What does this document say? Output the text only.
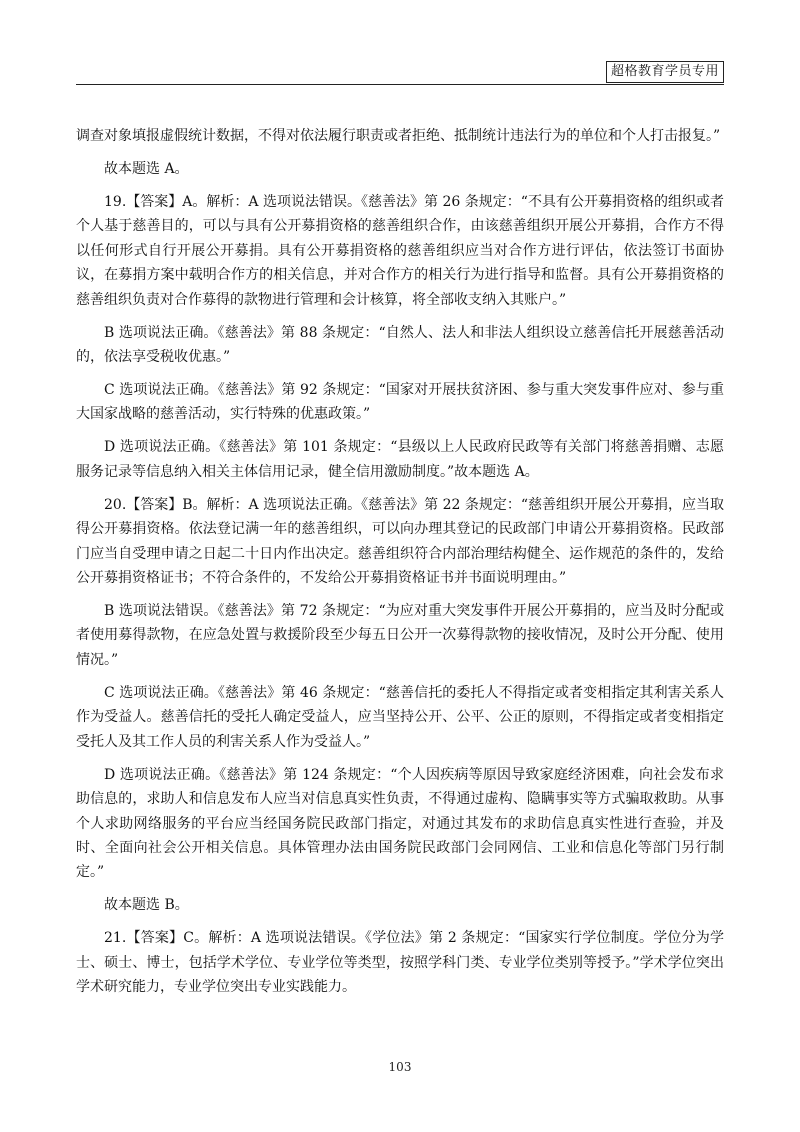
超格教育学员专用

调查对象填报虚假统计数据，不得对依法履行职责或者拒绝、抵制统计违法行为的单位和个人打击报复。”

故本题选 A。

19.【答案】A。解析：A 选项说法错误。《慈善法》第 26 条规定：“不具有公开募捐资格的组织或者个人基于慈善目的，可以与具有公开募捐资格的慈善组织合作，由该慈善组织开展公开募捐，合作方不得以任何形式自行开展公开募捐。具有公开募捐资格的慈善组织应当对合作方进行评估，依法签订书面协议，在募捐方案中载明合作方的相关信息，并对合作方的相关行为进行指导和监督。具有公开募捐资格的慈善组织负责对合作募得的款物进行管理和会计核算，将全部收支纳入其账户。”

B 选项说法正确。《慈善法》第 88 条规定：“自然人、法人和非法人组织设立慈善信托开展慈善活动的，依法享受税收优惠。”

C 选项说法正确。《慈善法》第 92 条规定：“国家对开展扶贫济困、参与重大突发事件应对、参与重大国家战略的慈善活动，实行特殊的优惠政策。”

D 选项说法正确。《慈善法》第 101 条规定：“县级以上人民政府民政等有关部门将慈善捐赠、志愿服务记录等信息纳入相关主体信用记录，健全信用激励制度。”故本题选 A。

20.【答案】B。解析：A 选项说法正确。《慈善法》第 22 条规定：“慈善组织开展公开募捐，应当取得公开募捐资格。依法登记满一年的慈善组织，可以向办理其登记的民政部门申请公开募捐资格。民政部门应当自受理申请之日起二十日内作出决定。慈善组织符合内部治理结构健全、运作规范的条件的，发给公开募捐资格证书；不符合条件的，不发给公开募捐资格证书并书面说明理由。”

B 选项说法错误。《慈善法》第 72 条规定：“为应对重大突发事件开展公开募捐的，应当及时分配或者使用募得款物，在应急处置与救援阶段至少每五日公开一次募得款物的接收情况，及时公开分配、使用情况。”

C 选项说法正确。《慈善法》第 46 条规定：“慈善信托的委托人不得指定或者变相指定其利害关系人作为受益人。慈善信托的受托人确定受益人，应当坚持公开、公平、公正的原则，不得指定或者变相指定受托人及其工作人员的利害关系人作为受益人。”

D 选项说法正确。《慈善法》第 124 条规定：“个人因疾病等原因导致家庭经济困难，向社会发布求助信息的，求助人和信息发布人应当对信息真实性负责，不得通过虚构、隐瞒事实等方式骗取救助。从事个人求助网络服务的平台应当经国务院民政部门指定，对通过其发布的求助信息真实性进行查验，并及时、全面向社会公开相关信息。具体管理办法由国务院民政部门会同网信、工业和信息化等部门另行制定。”

故本题选 B。

21.【答案】C。解析：A 选项说法错误。《学位法》第 2 条规定：“国家实行学位制度。学位分为学士、硕士、博士，包括学术学位、专业学位等类型，按照学科门类、专业学位类别等授予。”学术学位突出学术研究能力，专业学位突出专业实践能力。

103
